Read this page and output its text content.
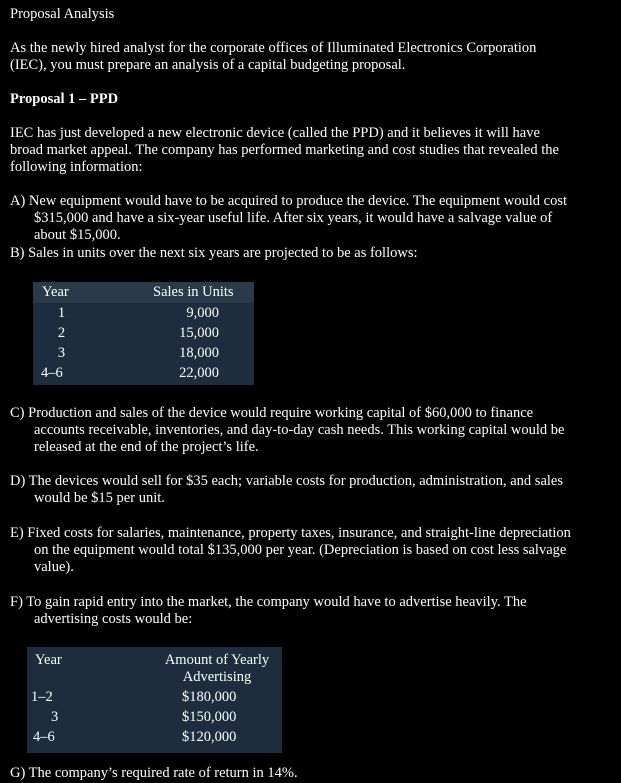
Proposal Analysis
As the newly hired analyst for the corporate offices of Illuminated Electronics Corporation
(IEC), you must prepare an analysis of a capital budgeting proposal.
Proposal 1 – PPD
IEC has just developed a new electronic device (called the PPD) and it believes it will have
broad market appeal. The company has performed marketing and cost studies that revealed the
following information:
A) New equipment would have to be acquired to produce the device. The equipment would cost
$315,000 and have a six-year useful life. After six years, it would have a salvage value of
about $15,000.
B) Sales in units over the next six years are projected to be as follows:
Year	Sales in Units
1	9,000
2	15,000
3	18,000
4–6	22,000
C) Production and sales of the device would require working capital of $60,000 to finance
accounts receivable, inventories, and day-to-day cash needs. This working capital would be
released at the end of the project’s life.
D) The devices would sell for $35 each; variable costs for production, administration, and sales
would be $15 per unit.
E) Fixed costs for salaries, maintenance, property taxes, insurance, and straight-line depreciation
on the equipment would total $135,000 per year. (Depreciation is based on cost less salvage
value).
F) To gain rapid entry into the market, the company would have to advertise heavily. The
advertising costs would be:
Year	Amount of Yearly
Advertising
1–2	$180,000
3	$150,000
4–6	$120,000
G) The company’s required rate of return in 14%.
